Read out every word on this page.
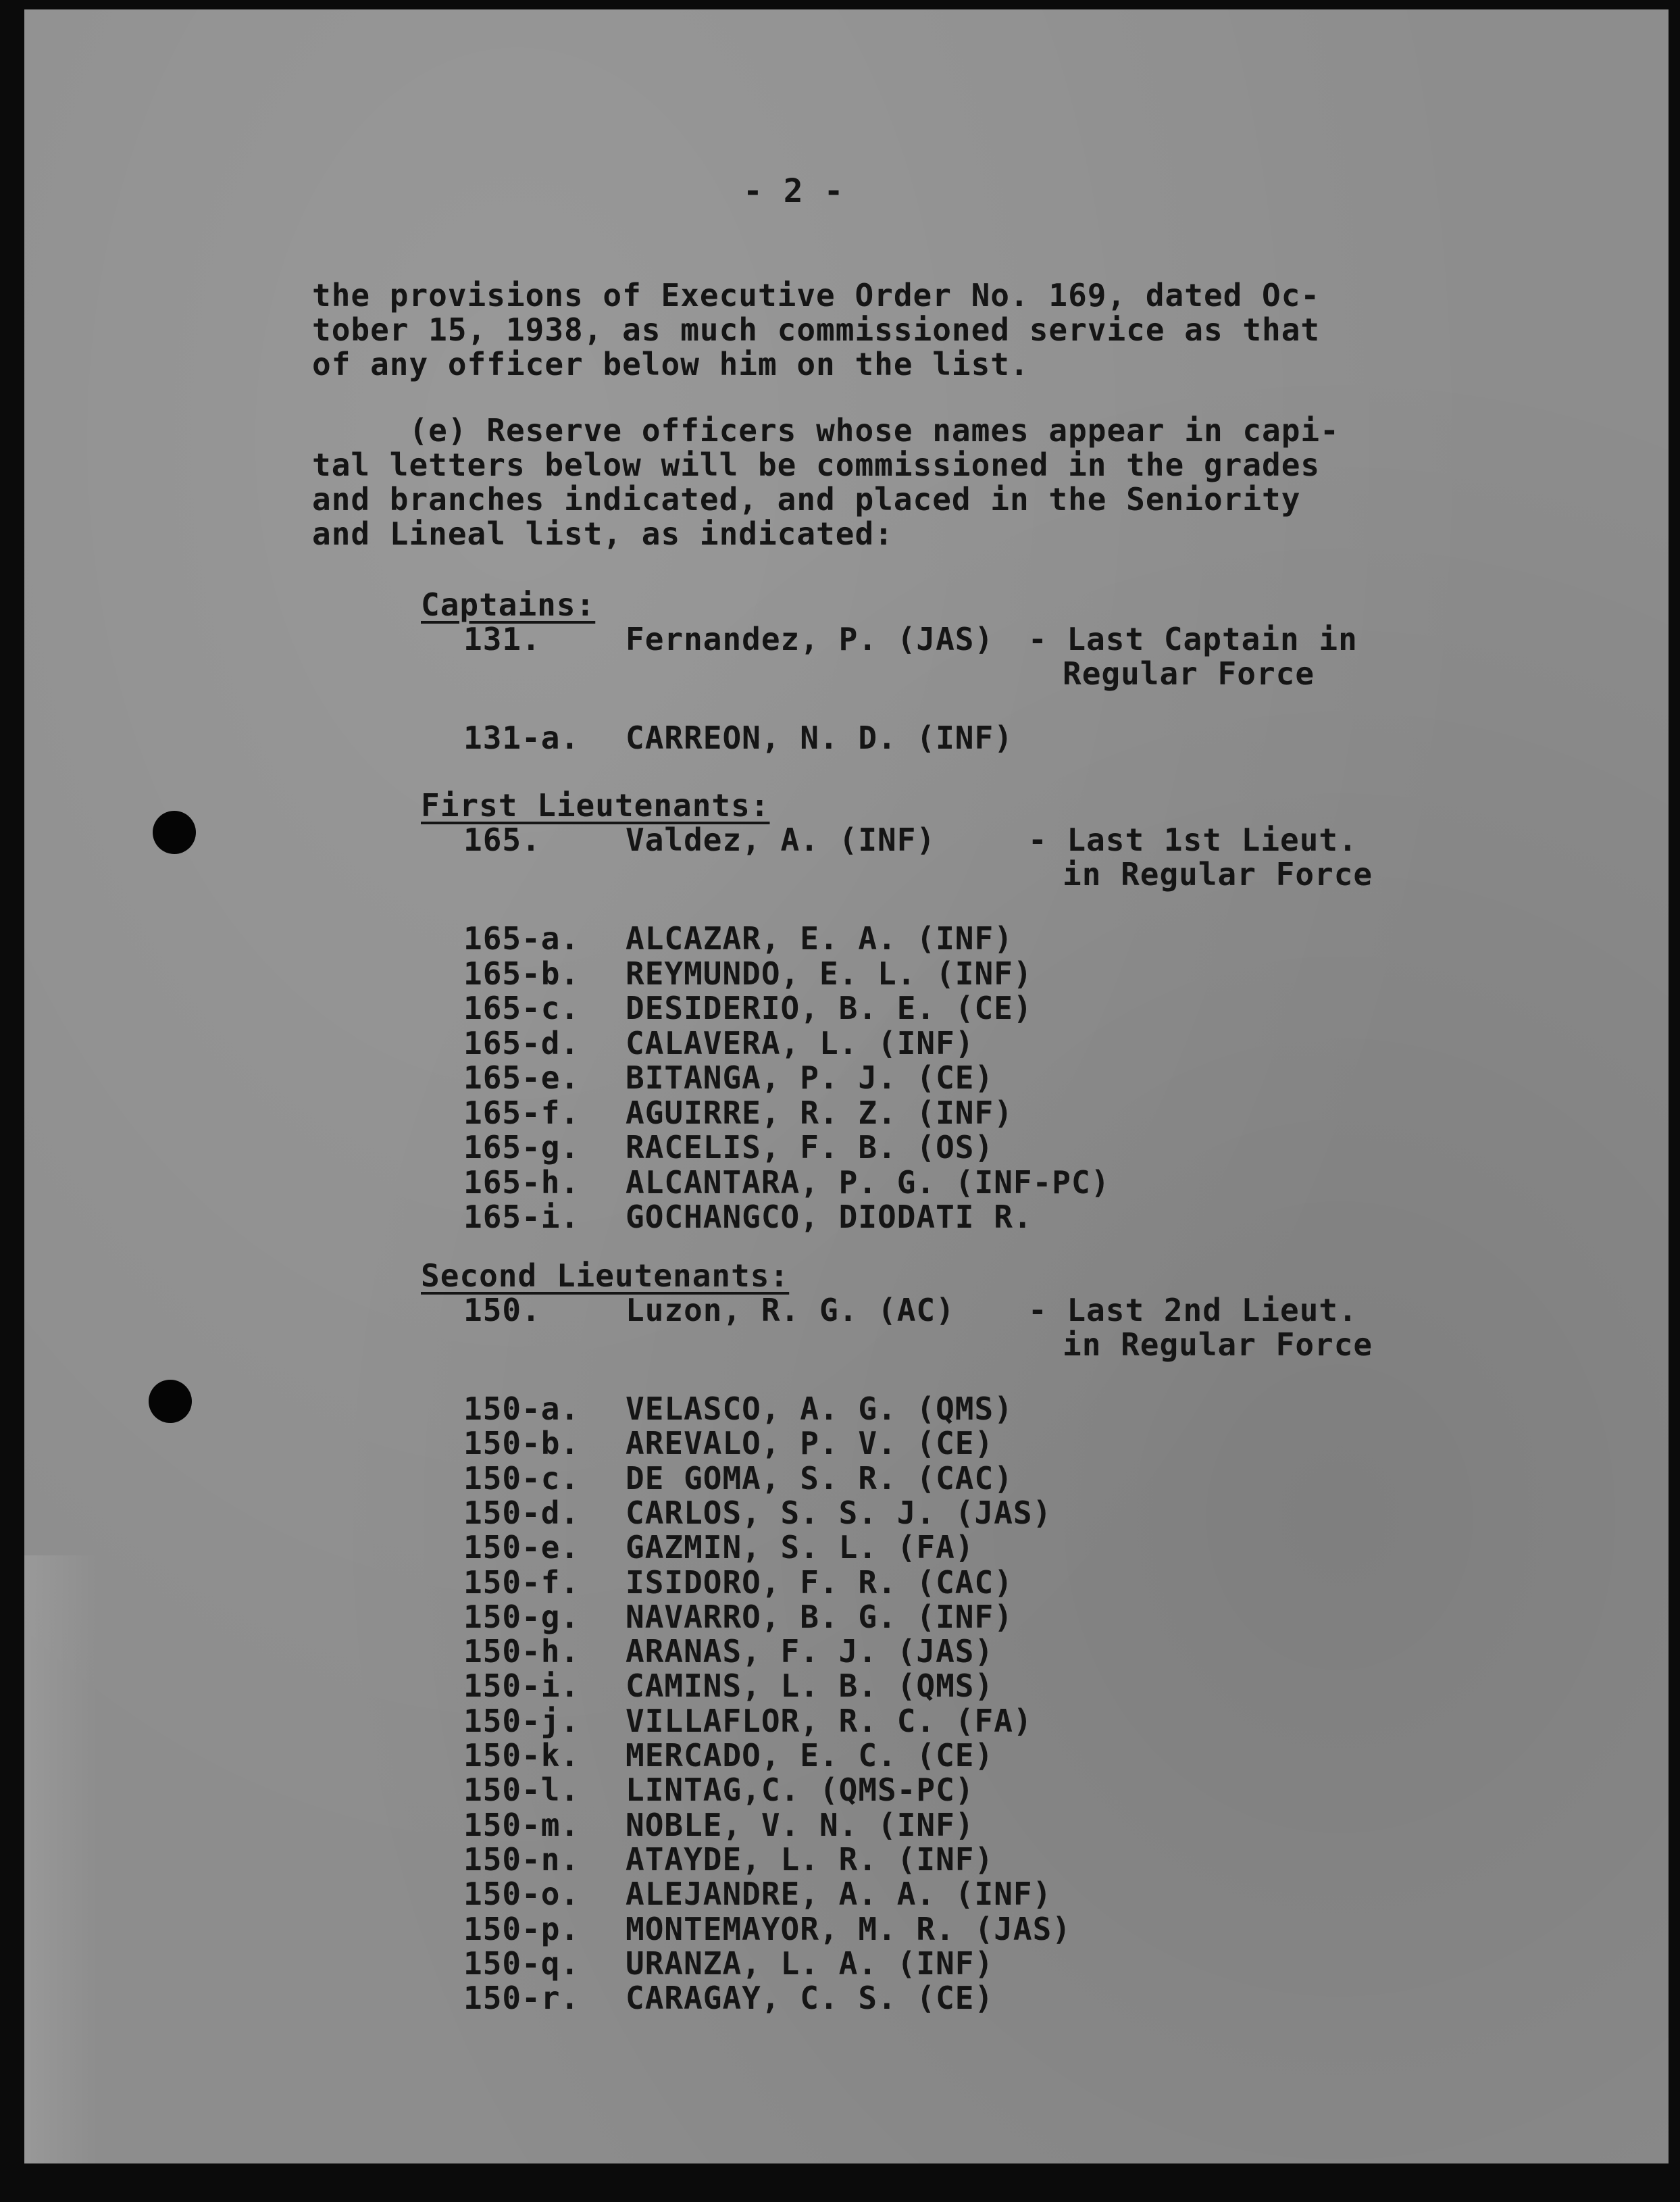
- 2 -
the provisions of Executive Order No. 169, dated Oc-
tober 15, 1938, as much commissioned service as that
of any officer below him on the list.
(e) Reserve officers whose names appear in capi-
tal letters below will be commissioned in the grades
and branches indicated, and placed in the Seniority
and Lineal list, as indicated:
Captains:
131.	Fernandez, P. (JAS) - Last Captain in
Regular Force
131-a. CARREON, N. D. (INF)
First Lieutenants:
165.	Valdez, A. (INF)	- Last 1st Lieut.
in Regular Force
165-a. ALCAZAR, E. A. (INF)
165-b. REYMUNDO, E. L. (INF)
165-c. DESIDERIO, B. E. (CE)
165-d. CALAVERA, L. (INF)
165-e. BITANGA, P. J. (CE)
165-f. AGUIRRE, R. Z. (INF)
165-g. RACELIS, F. B. (OS)
165-h. ALCANTARA, P. G. (INF-PC)
165-i. GOCHANGCO, DIODATI R.
Second Lieutenants:
150.	Luzon, R. G. (AC) - Last 2nd Lieut.
in Regular Force
150-a. VELASCO, A. G. (QMS)
150-b. AREVALO, P. V. (CE)
150-c. DE GOMA, S. R. (CAC)
150-d. CARLOS, S. S. J. (JAS)
150-e. GAZMIN, S. L. (FA)
150-f. ISIDORO, F. R. (CAC)
150-g. NAVARRO, B. G. (INF)
150-h. ARANAS, F. J. (JAS)
150-i. CAMINS, L. B. (QMS)
150-j. VILLAFLOR, R. C. (FA)
150-k. MERCADO, E. C. (CE)
150-l. LINTAG,C. (QMS-PC)
150-m. NOBLE, V. N. (INF)
150-n. ATAYDE, L. R. (INF)
150-o. ALEJANDRE, A. A. (INF)
150-p. MONTEMAYOR, M. R. (JAS)
150-q. URANZA, L. A. (INF)
150-r. CARAGAY, C. S. (CE)
